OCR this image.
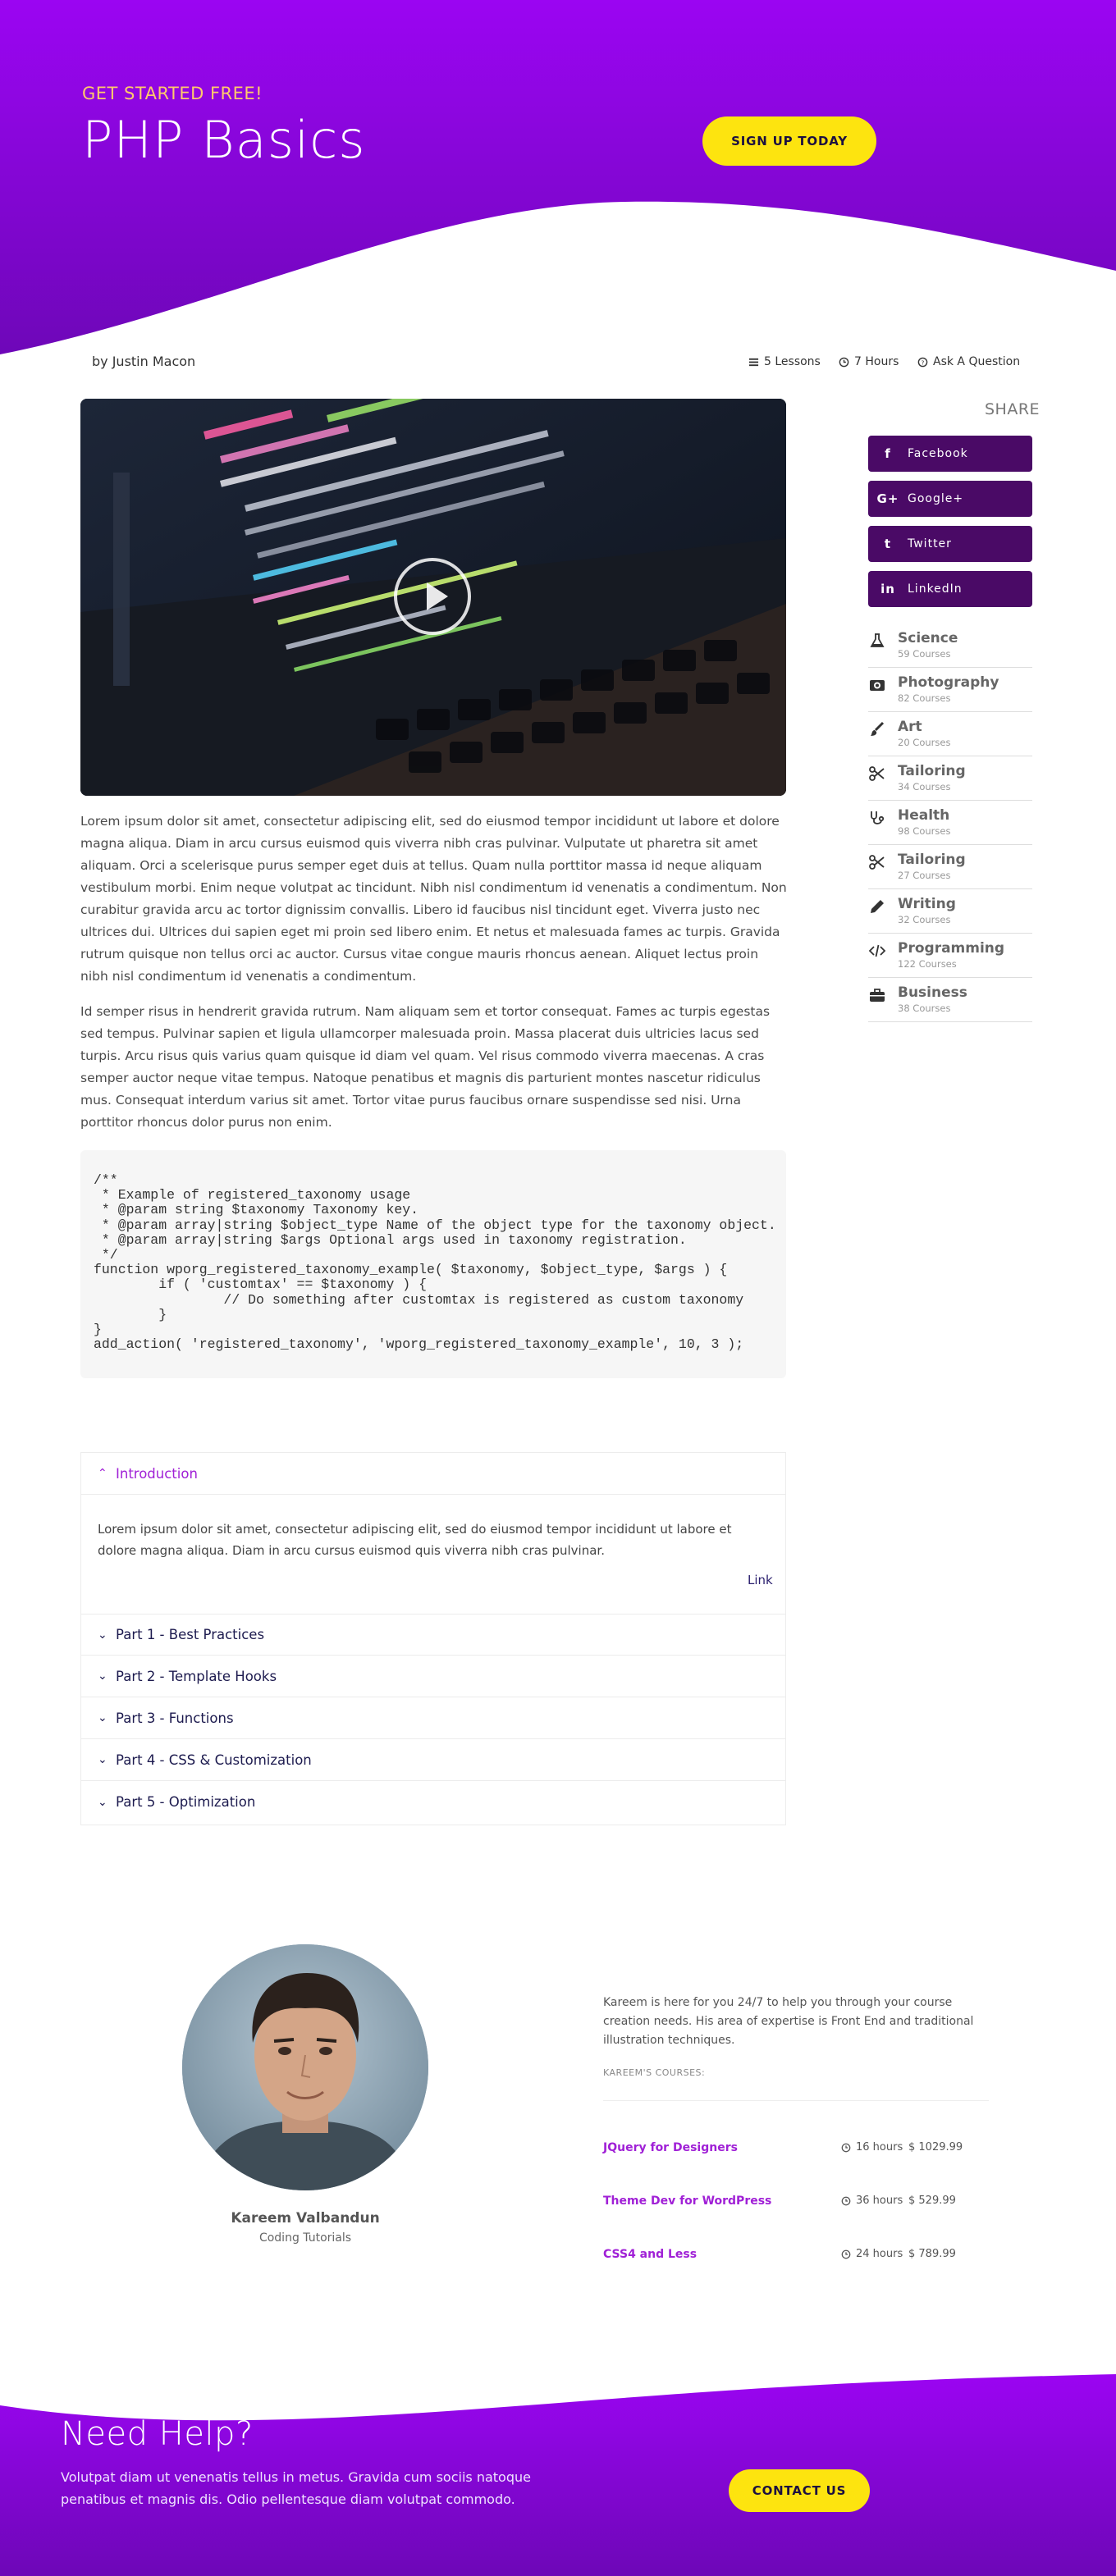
GET STARTED FREE!
PHP Basics	SIGN UP TODAY
by Justin Macon	5 Lessons	7 Hours	? Ask A Question

Lorem ipsum dolor sit amet, consectetur adipiscing elit, sed do eiusmod tempor incididunt ut labore et dolore magna aliqua. Diam in arcu cursus euismod quis viverra nibh cras pulvinar. Vulputate ut pharetra sit amet aliquam. Orci a scelerisque purus semper eget duis at tellus. Quam nulla porttitor massa id neque aliquam vestibulum morbi. Enim neque volutpat ac tincidunt. Nibh nisl condimentum id venenatis a condimentum. Non curabitur gravida arcu ac tortor dignissim convallis. Libero id faucibus nisl tincidunt eget. Viverra justo nec ultrices dui. Ultrices dui sapien eget mi proin sed libero enim. Et netus et malesuada fames ac turpis. Gravida rutrum quisque non tellus orci ac auctor. Cursus vitae congue mauris rhoncus aenean. Aliquet lectus proin nibh nisl condimentum id venenatis a condimentum.

Id semper risus in hendrerit gravida rutrum. Nam aliquam sem et tortor consequat. Fames ac turpis egestas sed tempus. Pulvinar sapien et ligula ullamcorper malesuada proin. Massa placerat duis ultricies lacus sed turpis. Arcu risus quis varius quam quisque id diam vel quam. Vel risus commodo viverra maecenas. A cras semper auctor neque vitae tempus. Natoque penatibus et magnis dis parturient montes nascetur ridiculus mus. Consequat interdum varius sit amet. Tortor vitae purus faucibus ornare suspendisse sed nisi. Urna porttitor rhoncus dolor purus non enim.

/**
* Example of registered_taxonomy usage
* @param string $taxonomy Taxonomy key.
* @param array|string $object_type Name of the object type for the taxonomy object.
* @param array|string $args Optional args used in taxonomy registration.
*/
function wporg_registered_taxonomy_example( $taxonomy, $object_type, $args ) {
if ( 'customtax' == $taxonomy ) {
// Do something after customtax is registered as custom taxonomy
}
}
add_action( 'registered_taxonomy', 'wporg_registered_taxonomy_example', 10, 3 );
⌃ Introduction
Lorem ipsum dolor sit amet, consectetur adipiscing elit, sed do eiusmod tempor incididunt ut labore et dolore magna aliqua. Diam in arcu cursus euismod quis viverra nibh cras pulvinar.
Link
⌄ Part 1 - Best Practices
⌄ Part 2 - Template Hooks
⌄ Part 3 - Functions
⌄ Part 4 - CSS & Customization
⌄ Part 5 - Optimization
SHARE
f	Facebook
G+ Google+
t	Twitter
in	LinkedIn
Science
59 Courses
Photography
82 Courses
Art
20 Courses
Tailoring
34 Courses
Health
98 Courses
Tailoring
27 Courses
Writing
32 Courses
Programming
122 Courses
Business
38 Courses
Kareem Valbandun
Coding Tutorials
Kareem is here for you 24/7 to help you through your course creation needs. His area of expertise is Front End and traditional illustration techniques.
KAREEM'S COURSES:
JQuery for Designers	16 hours $ 1029.99
Theme Dev for WordPress	36 hours $ 529.99
CSS4 and Less	24 hours $ 789.99
Need Help?
Volutpat diam ut venenatis tellus in metus. Gravida cum sociis natoque penatibus et magnis dis. Odio pellentesque diam volutpat commodo.
CONTACT US
